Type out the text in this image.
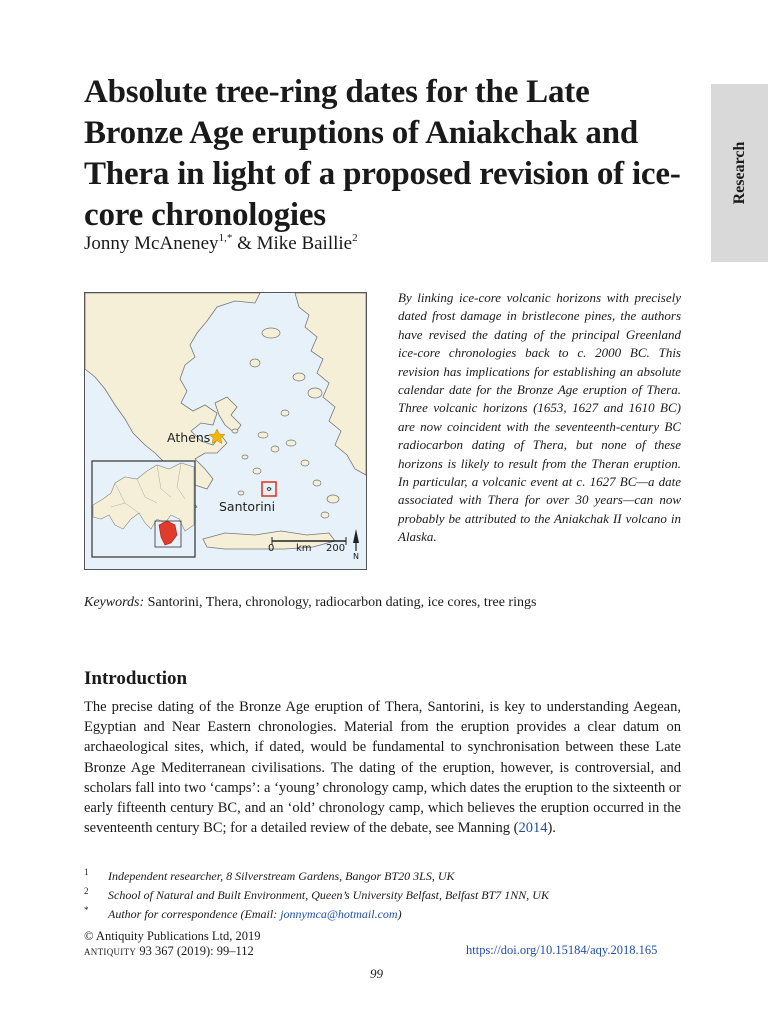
Absolute tree-ring dates for the Late Bronze Age eruptions of Aniakchak and Thera in light of a proposed revision of ice-core chronologies
Jonny McAneney$^{1,*}$ & Mike Baillie$^2$
Research
Athens
Santorini
0 km 200
N

By linking ice-core volcanic horizons with precisely dated frost damage in bristlecone pines, the authors have revised the dating of the principal Greenland ice-core chronologies back to c. 2000 BC. This revision has implications for establishing an absolute calendar date for the Bronze Age eruption of Thera. Three volcanic horizons (1653, 1627 and 1610 BC) are now coincident with the seventeenth-century BC radiocarbon dating of Thera, but none of these horizons is likely to result from the Theran eruption. In particular, a volcanic event at c. 1627 BC—a date associated with Thera for over 30 years—can now probably be attributed to the Aniakchak II volcano in Alaska.

Keywords: Santorini, Thera, chronology, radiocarbon dating, ice cores, tree rings

Introduction

The precise dating of the Bronze Age eruption of Thera, Santorini, is key to understanding Aegean, Egyptian and Near Eastern chronologies. Material from the eruption provides a clear datum on archaeological sites, which, if dated, would be fundamental to synchronisation between these Late Bronze Age Mediterranean civilisations. The dating of the eruption, however, is controversial, and scholars fall into two ‘camps’: a ‘young’ chronology camp, which dates the eruption to the sixteenth or early fifteenth century BC, and an ‘old’ chronology camp, which believes the eruption occurred in the seventeenth century BC; for a detailed review of the debate, see Manning (2014).

1 Independent researcher, 8 Silverstream Gardens, Bangor BT20 3LS, UK
2 School of Natural and Built Environment, Queen’s University Belfast, Belfast BT7 1NN, UK
* Author for correspondence (Email: jonnymca@hotmail.com)
© Antiquity Publications Ltd, 2019
antiquity 93 367 (2019): 99–112	https://doi.org/10.15184/aqy.2018.165
99
